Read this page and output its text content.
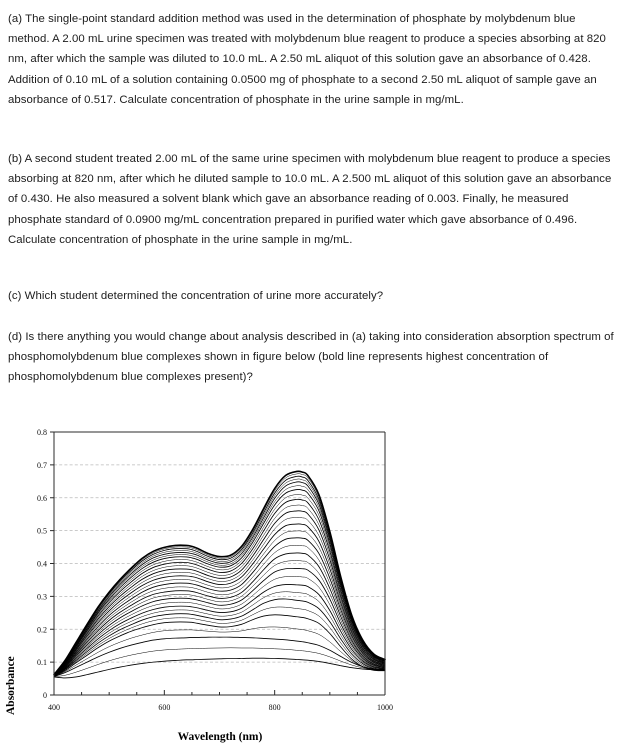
(a) The single-point standard addition method was used in the determination of phosphate by molybdenum blue method. A 2.00 mL urine specimen was treated with molybdenum blue reagent to produce a species absorbing at 820 nm, after which the sample was diluted to 10.0 mL. A 2.50 mL aliquot of this solution gave an absorbance of 0.428. Addition of 0.10 mL of a solution containing 0.0500 mg of phosphate to a second 2.50 mL aliquot of sample gave an absorbance of 0.517. Calculate concentration of phosphate in the urine sample in mg/mL.
(b) A second student treated 2.00 mL of the same urine specimen with molybdenum blue reagent to produce a species absorbing at 820 nm, after which he diluted sample to 10.0 mL. A 2.500 mL aliquot of this solution gave an absorbance of 0.430. He also measured a solvent blank which gave an absorbance reading of 0.003. Finally, he measured phosphate standard of 0.0900 mg/mL concentration prepared in purified water which gave absorbance of 0.496. Calculate concentration of phosphate in the urine sample in mg/mL.
(c) Which student determined the concentration of urine more accurately?
(d) Is there anything you would change about analysis described in (a) taking into consideration absorption spectrum of phosphomolybdenum blue complexes shown in figure below (bold line represents highest concentration of phosphomolybdenum blue complexes present)?
0
0.1
0.2
0.3
0.4
0.5
0.6
0.7
0.8
400	600	800	1000
Absorbance
Wavelength (nm)
